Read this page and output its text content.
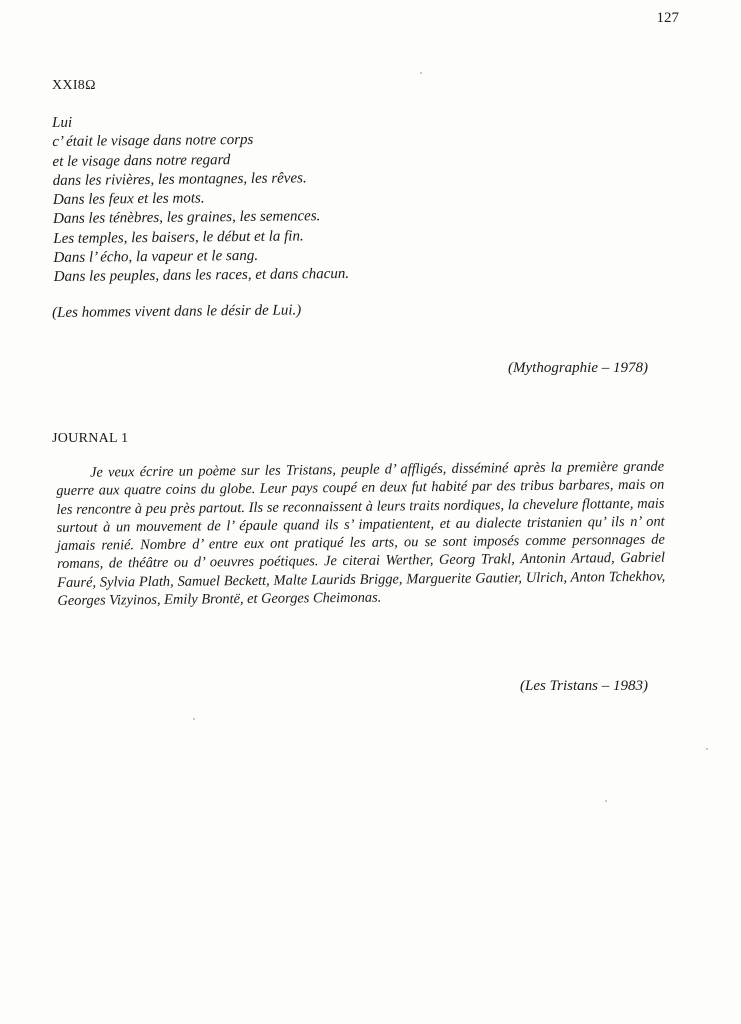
127
XXI8Ω
Lui
c’ était le visage dans notre corps
et le visage dans notre regard
dans les rivières, les montagnes, les rêves.
Dans les feux et les mots.
Dans les ténèbres, les graines, les semences.
Les temples, les baisers, le début et la fin.
Dans l’ écho, la vapeur et le sang.
Dans les peuples, dans les races, et dans chacun.
(Les hommes vivent dans le désir de Lui.)
(Mythographie – 1978)
JOURNAL 1

Je veux écrire un poème sur les Tristans, peuple d’ affligés, disséminé après la première grande guerre aux quatre coins du globe. Leur pays coupé en deux fut habité par des tribus barbares, mais on les rencontre à peu près partout. Ils se reconnaissent à leurs traits nordiques, la chevelure flottante, mais surtout à un mouvement de l’ épaule quand ils s’ impatientent, et au dialecte tristanien qu’ ils n’ ont jamais renié. Nombre d’ entre eux ont pratiqué les arts, ou se sont imposés comme personnages de romans, de théâtre ou d’ oeuvres poétiques. Je citerai Werther, Georg Trakl, Antonin Artaud, Gabriel Fauré, Sylvia Plath, Samuel Beckett, Malte Laurids Brigge, Marguerite Gautier, Ulrich, Anton Tchekhov, Georges Vizyinos, Emily Brontë, et Georges Cheimonas.

(Les Tristans – 1983)
